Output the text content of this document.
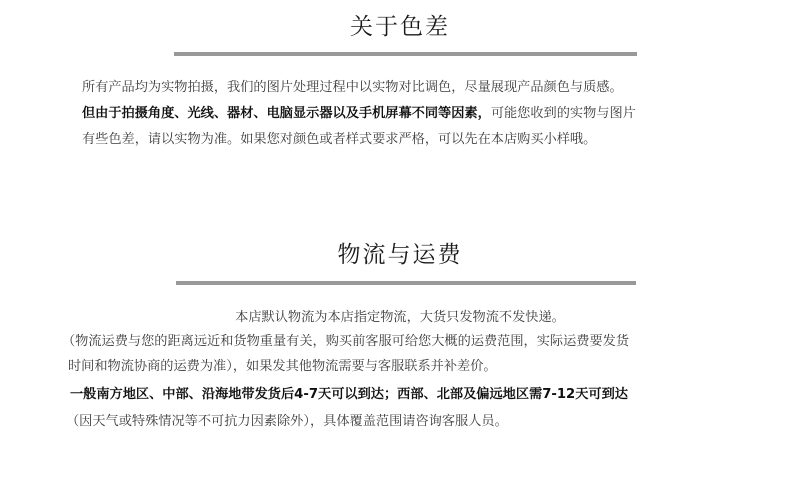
关于色差
所有产品均为实物拍摄，我们的图片处理过程中以实物对比调色，尽量展现产品颜色与质感。
但由于拍摄角度、光线、器材、电脑显示器以及手机屏幕不同等因素，可能您收到的实物与图片
有些色差，请以实物为准。如果您对颜色或者样式要求严格，可以先在本店购买小样哦。
物流与运费
本店默认物流为本店指定物流，大货只发物流不发快递。
（物流运费与您的距离远近和货物重量有关，购买前客服可给您大概的运费范围，实际运费要发货
时间和物流协商的运费为准），如果发其他物流需要与客服联系并补差价。
一般南方地区、中部、沿海地带发货后4-7天可以到达；西部、北部及偏远地区需7-12天可到达
（因天气或特殊情况等不可抗力因素除外），具体覆盖范围请咨询客服人员。
